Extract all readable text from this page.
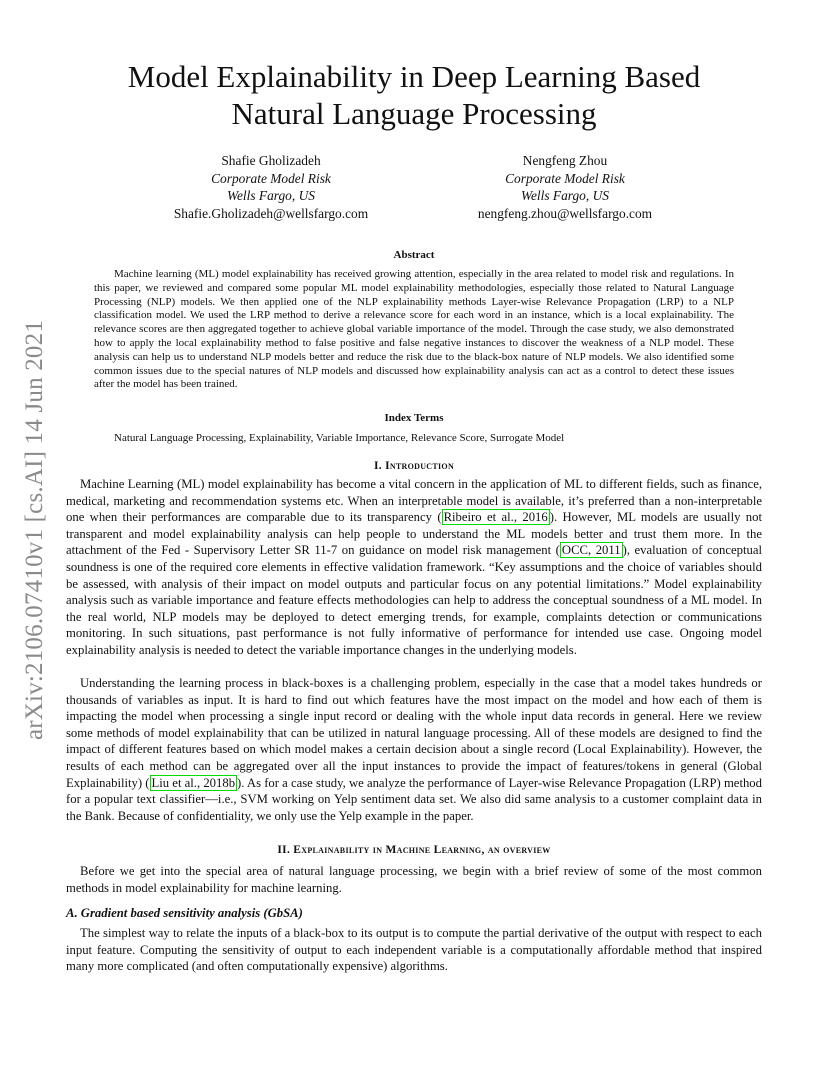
arXiv:2106.07410v1 [cs.AI] 14 Jun 2021
Model Explainability in Deep Learning Based Natural Language Processing
Shafie Gholizadeh
Corporate Model Risk
Wells Fargo, US
Shafie.Gholizadeh@wellsfargo.com
Nengfeng Zhou
Corporate Model Risk
Wells Fargo, US
nengfeng.zhou@wellsfargo.com
Abstract

Machine learning (ML) model explainability has received growing attention, especially in the area related to model risk and regulations. In this paper, we reviewed and compared some popular ML model explainability methodologies, especially those related to Natural Language Processing (NLP) models. We then applied one of the NLP explainability methods Layer-wise Relevance Propagation (LRP) to a NLP classification model. We used the LRP method to derive a relevance score for each word in an instance, which is a local explainability. The relevance scores are then aggregated together to achieve global variable importance of the model. Through the case study, we also demonstrated how to apply the local explainability method to false positive and false negative instances to discover the weakness of a NLP model. These analysis can help us to understand NLP models better and reduce the risk due to the black-box nature of NLP models. We also identified some common issues due to the special natures of NLP models and discussed how explainability analysis can act as a control to detect these issues after the model has been trained.

Index Terms

Natural Language Processing, Explainability, Variable Importance, Relevance Score, Surrogate Model

I. Introduction

Machine Learning (ML) model explainability has become a vital concern in the application of ML to different fields, such as finance, medical, marketing and recommendation systems etc. When an interpretable model is available, it’s preferred than a non-interpretable one when their performances are comparable due to its transparency ( Ribeiro et al., 2016 ). However, ML models are usually not transparent and model explainability analysis can help people to understand the ML models better and trust them more. In the attachment of the Fed - Supervisory Letter SR 11-7 on guidance on model risk management ( OCC, 2011 ), evaluation of conceptual soundness is one of the required core elements in effective validation framework. “Key assumptions and the choice of variables should be assessed, with analysis of their impact on model outputs and particular focus on any potential limitations.” Model explainability analysis such as variable importance and feature effects methodologies can help to address the conceptual soundness of a ML model. In the real world, NLP models may be deployed to detect emerging trends, for example, complaints detection or communications monitoring. In such situations, past performance is not fully informative of performance for intended use case. Ongoing model explainability analysis is needed to detect the variable importance changes in the underlying models.

Understanding the learning process in black-boxes is a challenging problem, especially in the case that a model takes hundreds or thousands of variables as input. It is hard to find out which features have the most impact on the model and how each of them is impacting the model when processing a single input record or dealing with the whole input data records in general. Here we review some methods of model explainability that can be utilized in natural language processing. All of these models are designed to find the impact of different features based on which model makes a certain decision about a single record (Local Explainability). However, the results of each method can be aggregated over all the input instances to provide the impact of features/tokens in general (Global Explainability) ( Liu et al., 2018b ). As for a case study, we analyze the performance of Layer-wise Relevance Propagation (LRP) method for a popular text classifier—i.e., SVM working on Yelp sentiment data set. We also did same analysis to a customer complaint data in the Bank. Because of confidentiality, we only use the Yelp example in the paper.

II. Explainability in Machine Learning, an overview

Before we get into the special area of natural language processing, we begin with a brief review of some of the most common methods in model explainability for machine learning.

A. Gradient based sensitivity analysis (GbSA)

The simplest way to relate the inputs of a black-box to its output is to compute the partial derivative of the output with respect to each input feature. Computing the sensitivity of output to each independent variable is a computationally affordable method that inspired many more complicated (and often computationally expensive) algorithms.
